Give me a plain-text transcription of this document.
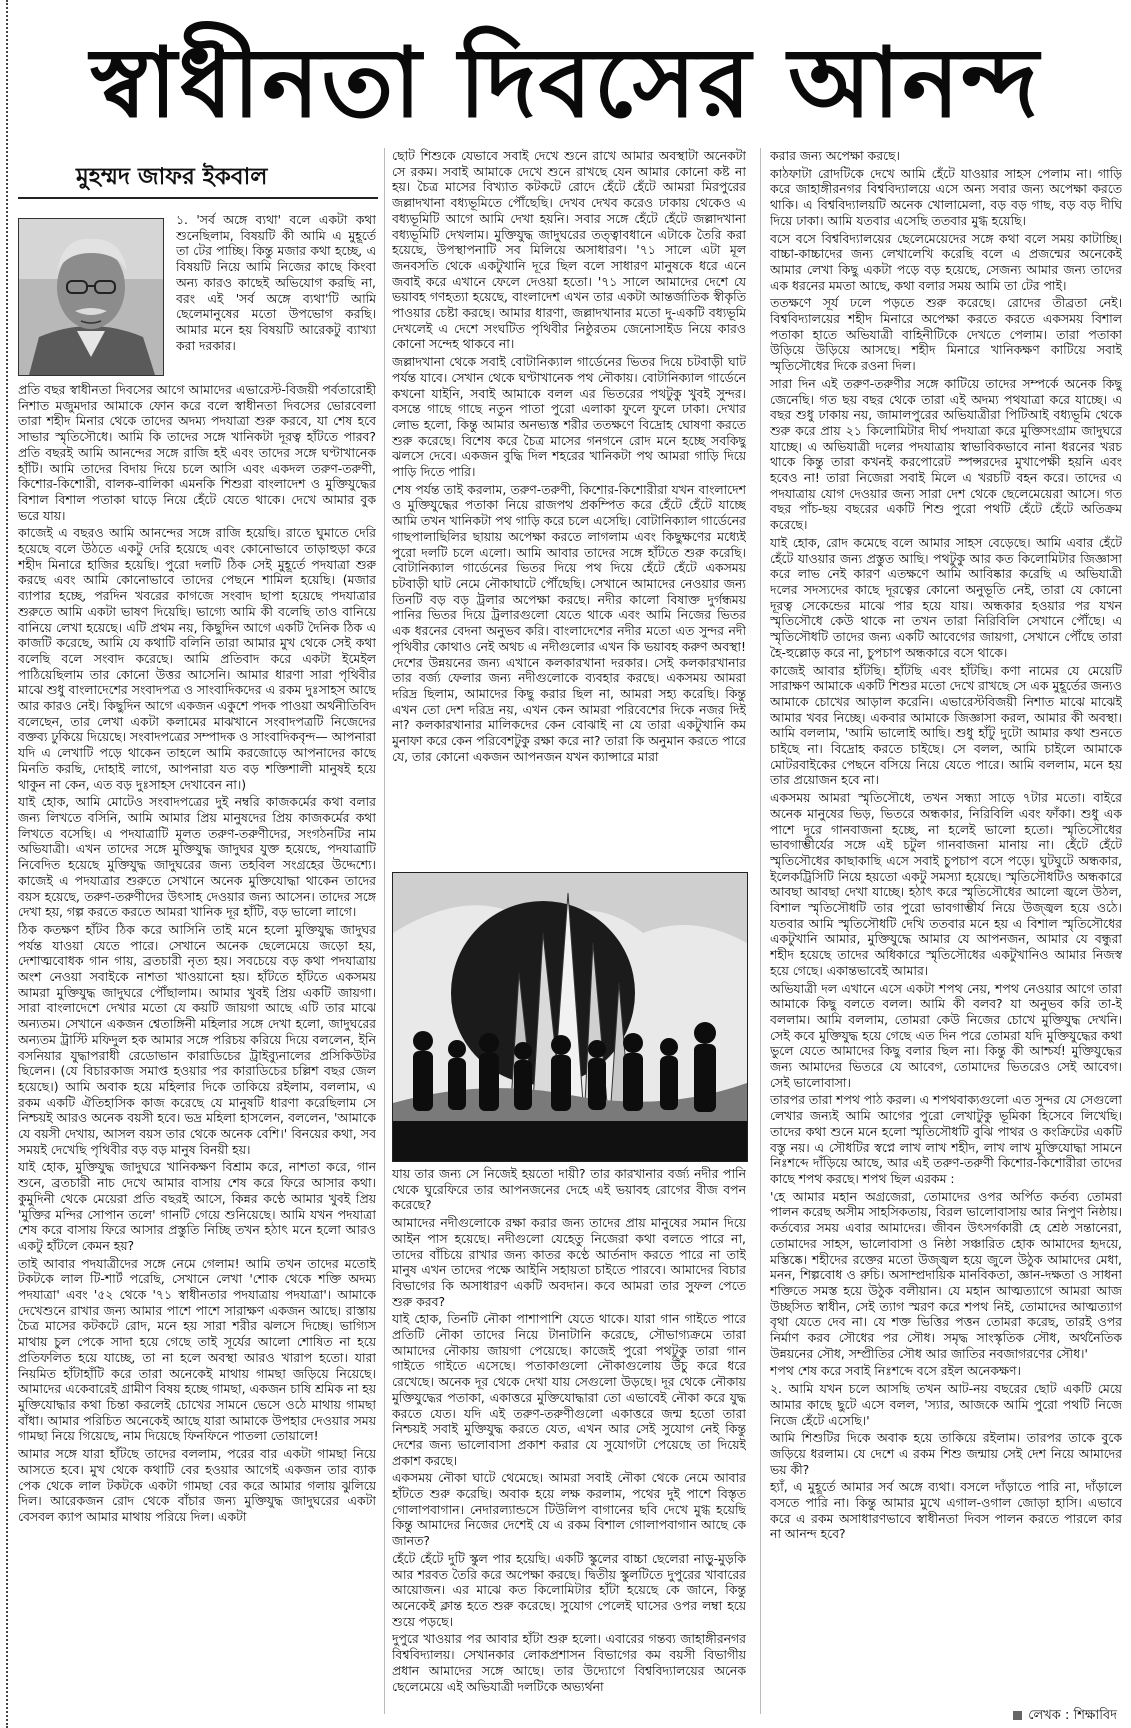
স্বাধীনতা দিবসের আনন্দ
মুহম্মদ জাফর ইকবাল

১. 'সর্ব অঙ্গে ব্যথা' বলে একটা কথা শুনেছিলাম, বিষয়টি কী আমি এ মুহূর্তে তা টের পাচ্ছি। কিন্তু মজার কথা হচ্ছে, এ বিষয়টি নিয়ে আমি নিজের কাছে কিংবা অন্য কারও কাছেই অভিযোগ করছি না, বরং এই 'সর্ব অঙ্গে ব্যথা'টি আমি ছেলেমানুষের মতো উপভোগ করছি। আমার মনে হয় বিষয়টি আরেকটু ব্যাখ্যা করা দরকার।

প্রতি বছর স্বাধীনতা দিবসের আগে আমাদের এভারেস্ট-বিজয়ী পর্বতারোহী নিশাত মজুমদার আমাকে ফোন করে বলে স্বাধীনতা দিবসের ভোরবেলা তারা শহীদ মিনার থেকে তাদের অদম্য পদযাত্রা শুরু করবে, যা শেষ হবে সাভার স্মৃতিসৌধে। আমি কি তাদের সঙ্গে খানিকটা দূরত্ব হাঁটতে পারব? প্রতি বছরই আমি আনন্দের সঙ্গে রাজি হই এবং তাদের সঙ্গে ঘণ্টাখানেক হাঁটি। আমি তাদের বিদায় দিয়ে চলে আসি এবং একদল তরুণ-তরুণী, কিশোর-কিশোরী, বালক-বালিকা এমনকি শিশুরা বাংলাদেশ ও মুক্তিযুদ্ধের বিশাল বিশাল পতাকা ঘাড়ে নিয়ে হেঁটে যেতে থাকে। দেখে আমার বুক ভরে যায়।

কাজেই এ বছরও আমি আনন্দের সঙ্গে রাজি হয়েছি। রাতে ঘুমাতে দেরি হয়েছে বলে উঠতে একটু দেরি হয়েছে এবং কোনোভাবে তাড়াহুড়া করে শহীদ মিনারে হাজির হয়েছি। পুরো দলটি ঠিক সেই মুহূর্তে পদযাত্রা শুরু করছে এবং আমি কোনোভাবে তাদের পেছনে শামিল হয়েছি। (মজার ব্যাপার হচ্ছে, পরদিন খবরের কাগজে সংবাদ ছাপা হয়েছে পদযাত্রার শুরুতে আমি একটা ভাষণ দিয়েছি। ভাগ্যে আমি কী বলেছি তাও বানিয়ে বানিয়ে লেখা হয়েছে। এটি প্রথম নয়, কিছুদিন আগে একটি দৈনিক ঠিক এ কাজটি করেছে, আমি যে কথাটি বলিনি তারা আমার মুখ থেকে সেই কথা বলেছি বলে সংবাদ করেছে। আমি প্রতিবাদ করে একটা ইমেইল পাঠিয়েছিলাম তার কোনো উত্তর আসেনি। আমার ধারণা সারা পৃথিবীর মাঝে শুধু বাংলাদেশের সংবাদপত্র ও সাংবাদিকদের এ রকম দুঃসাহস আছে আর কারও নেই। কিছুদিন আগে একজন একুশে পদক পাওয়া অর্থনীতিবিদ বলেছেন, তার লেখা একটা কলামের মাঝখানে সংবাদপত্রটি নিজেদের বক্তব্য ঢুকিয়ে দিয়েছে। সংবাদপত্রের সম্পাদক ও সাংবাদিকবৃন্দ— আপনারা যদি এ লেখাটি পড়ে থাকেন তাহলে আমি করজোড়ে আপনাদের কাছে মিনতি করছি, দোহাই লাগে, আপনারা যত বড় শক্তিশালী মানুষই হয়ে থাকুন না কেন, এত বড় দুঃসাহস দেখাবেন না।)

যাই হোক, আমি মোটেও সংবাদপত্রের দুই নম্বরি কাজকর্মের কথা বলার জন্য লিখতে বসিনি, আমি আমার প্রিয় মানুষদের প্রিয় কাজকর্মের কথা লিখতে বসেছি। এ পদযাত্রাটি মূলত তরুণ-তরুণীদের, সংগঠনটির নাম অভিযাত্রী। এখন তাদের সঙ্গে মুক্তিযুদ্ধ জাদুঘর যুক্ত হয়েছে, পদযাত্রাটি নিবেদিত হয়েছে মুক্তিযুদ্ধ জাদুঘরের জন্য তহবিল সংগ্রহের উদ্দেশ্যে। কাজেই এ পদযাত্রার শুরুতে সেখানে অনেক মুক্তিযোদ্ধা থাকেন তাদের বয়স হয়েছে, তরুণ-তরুণীদের উৎসাহ দেওয়ার জন্য আসেন। তাদের সঙ্গে দেখা হয়, গল্প করতে করতে আমরা খানিক দূর হাঁটি, বড় ভালো লাগে।

ঠিক কতক্ষণ হাঁটব ঠিক করে আসিনি তাই মনে হলো মুক্তিযুদ্ধ জাদুঘর পর্যন্ত যাওয়া যেতে পারে। সেখানে অনেক ছেলেমেয়ে জড়ো হয়, দেশাত্মবোধক গান গায়, ব্রতচারী নৃত্য হয়। সবচেয়ে বড় কথা পদযাত্রায় অংশ নেওয়া সবাইকে নাশতা খাওয়ানো হয়। হাঁটতে হাঁটতে একসময় আমরা মুক্তিযুদ্ধ জাদুঘরে পৌঁছালাম। আমার খুবই প্রিয় একটি জায়গা। সারা বাংলাদেশে দেখার মতো যে কয়টি জায়গা আছে এটি তার মাঝে অন্যতম। সেখানে একজন শ্বেতাঙ্গিনী মহিলার সঙ্গে দেখা হলো, জাদুঘরের অন্যতম ট্রাস্টি মফিদুল হক আমার সঙ্গে পরিচয় করিয়ে দিয়ে বললেন, ইনি বসনিয়ার যুদ্ধাপরাধী রেডোভান কারাডিচের ট্রাইব্যুনালের প্রসিকিউটর ছিলেন। (যে বিচারকাজ সমাপ্ত হওয়ার পর কারাডিচের চল্লিশ বছর জেল হয়েছে।) আমি অবাক হয়ে মহিলার দিকে তাকিয়ে রইলাম, বললাম, এ রকম একটি ঐতিহাসিক কাজ করেছে যে মানুষটি ধারণা করেছিলাম সে নিশ্চয়ই আরও অনেক বয়সী হবে। ভদ্র মহিলা হাসলেন, বললেন, 'আমাকে যে বয়সী দেখায়, আসল বয়স তার থেকে অনেক বেশি।' বিনয়ের কথা, সব সময়ই দেখেছি পৃথিবীর বড় বড় মানুষ বিনয়ী হয়।

যাই হোক, মুক্তিযুদ্ধ জাদুঘরে খানিকক্ষণ বিশ্রাম করে, নাশতা করে, গান শুনে, ব্রতচারী নাচ দেখে আমার বাসায় শেষ করে ফিরে আসার কথা। কুমুদিনী থেকে মেয়েরা প্রতি বছরই আসে, কিন্নর কণ্ঠে আমার খুবই প্রিয় 'মুক্তির মন্দির সোপান তলে' গানটি গেয়ে শুনিয়েছে। আমি যখন পদযাত্রা শেষ করে বাসায় ফিরে আসার প্রস্তুতি নিচ্ছি তখন হঠাৎ মনে হলো আরও একটু হাঁটলে কেমন হয়?

তাই আবার পদযাত্রীদের সঙ্গে নেমে গেলাম! আমি তখন তাদের মতোই টকটকে লাল টি-শার্ট পরেছি, সেখানে লেখা 'শোক থেকে শক্তি অদম্য পদযাত্রা' এবং '৫২ থেকে '৭১ স্বাধীনতার পদযাত্রায় পদযাত্রা'। আমাকে দেখেশুনে রাখার জন্য আমার পাশে পাশে সারাক্ষণ একজন আছে। রাস্তায় চৈত্র মাসের কটকটে রোদ, মনে হয় সারা শরীর ঝলসে দিচ্ছে। ভাগ্যিস মাথায় চুল পেকে সাদা হয়ে গেছে তাই সূর্যের আলো শোষিত না হয়ে প্রতিফলিত হয়ে যাচ্ছে, তা না হলে অবস্থা আরও খারাপ হতো। যারা নিয়মিত হাঁটাহাঁটি করে তারা অনেকেই মাথায় গামছা জড়িয়ে নিয়েছে। আমাদের একেবারেই গ্রামীণ বিষয় হচ্ছে গামছা, একজন চাষি শ্রমিক না হয় মুক্তিযোদ্ধার কথা চিন্তা করলেই চোখের সামনে ভেসে ওঠে মাথায় গামছা বাঁধা। আমার পরিচিত অনেকেই আছে যারা আমাকে উপহার দেওয়ার সময় গামছা নিয়ে গিয়েছে, নাম দিয়েছে ফিনফিনে পাতলা তোয়ালে!

আমার সঙ্গে যারা হাঁটছে তাদের বললাম, পরের বার একটা গামছা নিয়ে আসতে হবে। মুখ থেকে কথাটি বের হওয়ার আগেই একজন তার ব্যাক পেক থেকে লাল টকটকে একটা গামছা বের করে আমার গলায় ঝুলিয়ে দিল। আরেকজন রোদ থেকে বাঁচার জন্য মুক্তিযুদ্ধ জাদুঘরের একটা বেসবল ক্যাপ আমার মাথায় পরিয়ে দিল। একটা

ছোট শিশুকে যেভাবে সবাই দেখে শুনে রাখে আমার অবস্থাটা অনেকটা সে রকম। সবাই আমাকে দেখে শুনে রাখছে যেন আমার কোনো কষ্ট না হয়। চৈত্র মাসের বিখ্যাত কটকটে রোদে হেঁটে হেঁটে আমরা মিরপুরের জল্লাদখানা বধ্যভূমিতে পৌঁছেছি। দেখব দেখব করেও ঢাকায় থেকেও এ বধ্যভূমিটি আগে আমি দেখা হয়নি। সবার সঙ্গে হেঁটে হেঁটে জল্লাদখানা বধ্যভূমিটি দেখলাম। মুক্তিযুদ্ধ জাদুঘরের তত্ত্বাবধানে এটাকে তৈরি করা হয়েছে, উপস্থাপনাটি সব মিলিয়ে অসাধারণ। '৭১ সালে এটা মূল জনবসতি থেকে একটুখানি দূরে ছিল বলে সাধারণ মানুষকে ধরে এনে জবাই করে এখানে ফেলে দেওয়া হতো। '৭১ সালে আমাদের দেশে যে ভয়াবহ গণহত্যা হয়েছে, বাংলাদেশ এখন তার একটা আন্তর্জাতিক স্বীকৃতি পাওয়ার চেষ্টা করছে। আমার ধারণা, জল্লাদখানার মতো দু-একটি বধ্যভূমি দেখলেই এ দেশে সংঘটিত পৃথিবীর নিষ্ঠুরতম জেনোসাইড নিয়ে কারও কোনো সন্দেহ থাকবে না।

জল্লাদখানা থেকে সবাই বোটানিক্যাল গার্ডেনের ভিতর দিয়ে চটবাড়ী ঘাট পর্যন্ত যাবে। সেখান থেকে ঘণ্টাখানেক পথ নৌকায়। বোটানিক্যাল গার্ডেনে কখনো যাইনি, সবাই আমাকে বলল এর ভিতরের পথটুকু খুবই সুন্দর। বসন্তে গাছে গাছে নতুন পাতা পুরো এলাকা ফুলে ফুলে ঢাকা। দেখার লোভ হলো, কিন্তু আমার অনভ্যস্ত শরীর ততক্ষণে বিদ্রোহ ঘোষণা করতে শুরু করেছে। বিশেষ করে চৈত্র মাসের গনগনে রোদ মনে হচ্ছে সবকিছু ঝলসে দেবে। একজন বুদ্ধি দিল শহরের খানিকটা পথ আমরা গাড়ি দিয়ে পাড়ি দিতে পারি।

শেষ পর্যন্ত তাই করলাম, তরুণ-তরুণী, কিশোর-কিশোরীরা যখন বাংলাদেশ ও মুক্তিযুদ্ধের পতাকা নিয়ে রাজপথ প্রকম্পিত করে হেঁটে হেঁটে যাচ্ছে আমি তখন খানিকটা পথ গাড়ি করে চলে এসেছি। বোটানিক্যাল গার্ডেনের গাছপালাছিলির ছায়ায় অপেক্ষা করতে লাগলাম এবং কিছুক্ষণের মধ্যেই পুরো দলটি চলে এলো। আমি আবার তাদের সঙ্গে হাঁটতে শুরু করেছি। বোটানিক্যাল গার্ডেনের ভিতর দিয়ে পথ দিয়ে হেঁটে হেঁটে একসময় চটবাড়ী ঘাট নেমে নৌকাঘাটে পৌঁছেছি। সেখানে আমাদের নেওয়ার জন্য তিনটি বড় বড় ট্রলার অপেক্ষা করছে। নদীর কালো বিষাক্ত দুর্গন্ধময় পানির ভিতর দিয়ে ট্রলারগুলো যেতে থাকে এবং আমি নিজের ভিতর এক ধরনের বেদনা অনুভব করি। বাংলাদেশের নদীর মতো এত সুন্দর নদী পৃথিবীর কোথাও নেই অথচ এ নদীগুলোর এখন কি ভয়াবহ করুণ অবস্থা! দেশের উন্নয়নের জন্য এখানে কলকারখানা দরকার। সেই কলকারখানার তার বর্জ্য ফেলার জন্য নদীগুলোকে ব্যবহার করছে। একসময় আমরা দরিদ্র ছিলাম, আমাদের কিছু করার ছিল না, আমরা সহ্য করেছি। কিন্তু এখন তো দেশ দরিদ্র নয়, এখন কেন আমরা পরিবেশের দিকে নজর দিই না? কলকারখানার মালিকদের কেন বোঝাই না যে তারা একটুখানি কম মুনাফা করে কেন পরিবেশটুকু রক্ষা করে না? তারা কি অনুমান করতে পারে যে, তার কোনো একজন আপনজন যখন ক্যান্সারে মারা

যায় তার জন্য সে নিজেই হয়তো দায়ী? তার কারখানার বর্জ্য নদীর পানি থেকে ঘুরেফিরে তার আপনজনের দেহে এই ভয়াবহ রোগের বীজ বপন করেছে?

আমাদের নদীগুলোকে রক্ষা করার জন্য তাদের প্রায় মানুষের সমান দিয়ে আইন পাস হয়েছে। নদীগুলো যেহেতু নিজেরা কথা বলতে পারে না, তাদের বাঁচিয়ে রাখার জন্য কাতর কণ্ঠে আর্তনাদ করতে পারে না তাই মানুষ এখন তাদের পক্ষে আইনি সহায়তা চাইতে পারবে। আমাদের বিচার বিভাগের কি অসাধারণ একটি অবদান। কবে আমরা তার সুফল পেতে শুরু করব?

যাই হোক, তিনটি নৌকা পাশাপাশি যেতে থাকে। যারা গান গাইতে পারে প্রতিটি নৌকা তাদের নিয়ে টানাটানি করেছে, সৌভাগ্যক্রমে তারা আমাদের নৌকায় জায়গা পেয়েছে। কাজেই পুরো পথটুকু তারা গান গাইতে গাইতে এসেছে। পতাকাগুলো নৌকাগুলোয় উঁচু করে ধরে রেখেছে। অনেক দূর থেকে দেখা যায় সেগুলো উড়ছে। দূর থেকে নৌকায় মুক্তিযুদ্ধের পতাকা, একাত্তরে মুক্তিযোদ্ধারা তো এভাবেই নৌকা করে যুদ্ধ করতে যেত। যদি এই তরুণ-তরুণীগুলো একাত্তরে জন্ম হতো তারা নিশ্চয়ই সবাই মুক্তিযুদ্ধ করতে যেত, এখন আর সেই সুযোগ নেই কিন্তু দেশের জন্য ভালোবাসা প্রকাশ করার যে সুযোগটা পেয়েছে তা দিয়েই প্রকাশ করছে।

একসময় নৌকা ঘাটে থেমেছে। আমরা সবাই নৌকা থেকে নেমে আবার হাঁটতে শুরু করেছি। অবাক হয়ে লক্ষ করলাম, পথের দুই পাশে বিস্তৃত গোলাপবাগান। নেদারল্যান্ডসে টিউলিপ বাগানের ছবি দেখে মুগ্ধ হয়েছি কিন্তু আমাদের নিজের দেশেই যে এ রকম বিশাল গোলাপবাগান আছে কে জানত?

হেঁটে হেঁটে দুটি স্কুল পার হয়েছি। একটি স্কুলের বাচ্চা ছেলেরা নাড়ু-মুড়কি আর শরবত তৈরি করে অপেক্ষা করছে। দ্বিতীয় স্কুলটিতে দুপুরের খাবারের আয়োজন। এর মাঝে কত কিলোমিটার হাঁটা হয়েছে কে জানে, কিন্তু অনেকেই ক্লান্ত হতে শুরু করেছে। সুযোগ পেলেই ঘাসের ওপর লম্বা হয়ে শুয়ে পড়ছে।

দুপুরে খাওয়ার পর আবার হাঁটা শুরু হলো। এবারের গন্তব্য জাহাঙ্গীরনগর বিশ্ববিদ্যালয়। সেখানকার লোকপ্রশাসন বিভাগের কম বয়সী বিভাগীয় প্রধান আমাদের সঙ্গে আছে। তার উদ্যোগে বিশ্ববিদ্যালয়ের অনেক ছেলেমেয়ে এই অভিযাত্রী দলটিকে অভ্যর্থনা

করার জন্য অপেক্ষা করছে।

কাঠফাটা রোদটিকে দেখে আমি হেঁটে যাওয়ার সাহস পেলাম না। গাড়ি করে জাহাঙ্গীরনগর বিশ্ববিদ্যালয়ে এসে অন্য সবার জন্য অপেক্ষা করতে থাকি। এ বিশ্ববিদ্যালয়টি অনেক খোলামেলা, বড় বড় গাছ, বড় বড় দীঘি দিয়ে ঢাকা। আমি যতবার এসেছি ততবার মুগ্ধ হয়েছি।

বসে বসে বিশ্ববিদ্যালয়ের ছেলেমেয়েদের সঙ্গে কথা বলে সময় কাটাচ্ছি। বাচ্চা-কাচ্চাদের জন্য লেখালেখি করেছি বলে এ প্রজন্মের অনেকেই আমার লেখা কিছু একটা পড়ে বড় হয়েছে, সেজন্য আমার জন্য তাদের এক ধরনের মমতা আছে, কথা বলার সময় আমি তা টের পাই।

ততক্ষণে সূর্য ঢলে পড়তে শুরু করেছে। রোদের তীব্রতা নেই। বিশ্ববিদ্যালয়ের শহীদ মিনারে অপেক্ষা করতে করতে একসময় বিশাল পতাকা হাতে অভিযাত্রী বাহিনীটিকে দেখতে পেলাম। তারা পতাকা উড়িয়ে উড়িয়ে আসছে। শহীদ মিনারে খানিকক্ষণ কাটিয়ে সবাই স্মৃতিসৌধের দিকে রওনা দিল।

সারা দিন এই তরুণ-তরুণীর সঙ্গে কাটিয়ে তাদের সম্পর্কে অনেক কিছু জেনেছি। গত ছয় বছর থেকে তারা এই অদম্য পথযাত্রা করে যাচ্ছে। এ বছর শুধু ঢাকায় নয়, জামালপুরের অভিযাত্রীরা পিটিআই বধ্যভূমি থেকে শুরু করে প্রায় ২১ কিলোমিটার দীর্ঘ পদযাত্রা করে মুক্তিসংগ্রাম জাদুঘরে যাচ্ছে। এ অভিযাত্রী দলের পদযাত্রায় স্বাভাবিকভাবে নানা ধরনের খরচ থাকে কিন্তু তারা কখনই করপোরেট স্পন্সরদের মুখাপেক্ষী হয়নি এবং হবেও না! তারা নিজেরা সবাই মিলে এ খরচটি বহন করে। তাদের এ পদযাত্রায় যোগ দেওয়ার জন্য সারা দেশ থেকে ছেলেমেয়েরা আসে। গত বছর পাঁচ-ছয় বছরের একটি শিশু পুরো পথটি হেঁটে হেঁটে অতিক্রম করেছে।

যাই হোক, রোদ কমেছে বলে আমার সাহস বেড়েছে। আমি এবার হেঁটে হেঁটে যাওয়ার জন্য প্রস্তুত আছি। পথটুকু আর কত কিলোমিটার জিজ্ঞাসা করে লাভ নেই কারণ এতক্ষণে আমি আবিষ্কার করেছি এ অভিযাত্রী দলের সদস্যদের কাছে দূরত্বের কোনো অনুভূতি নেই, তারা যে কোনো দূরত্ব সেকেন্ডের মাঝে পার হয়ে যায়। অন্ধকার হওয়ার পর যখন স্মৃতিসৌধে কেউ থাকে না তখন তারা নিরিবিলি সেখানে পৌঁছে। এ স্মৃতিসৌধটি তাদের জন্য একটি আবেগের জায়গা, সেখানে পৌঁছে তারা হৈ-হুল্লোড় করে না, চুপচাপ অন্ধকারে বসে থাকে।

কাজেই আবার হাঁটছি। হাঁটছি এবং হাঁটছি। কণা নামের যে মেয়েটি সারাক্ষণ আমাকে একটি শিশুর মতো দেখে রাখছে সে এক মুহূর্তের জন্যও আমাকে চোখের আড়াল করেনি। এভারেস্টবিজয়ী নিশাত মাঝে মাঝেই আমার খবর নিচ্ছে। একবার আমাকে জিজ্ঞাসা করল, আমার কী অবস্থা। আমি বললাম, 'আমি ভালোই আছি। শুধু হাঁটু দুটো আমার কথা শুনতে চাইছে না। বিদ্রোহ করতে চাইছে। সে বলল, আমি চাইলে আমাকে মোটরবাইকের পেছনে বসিয়ে নিয়ে যেতে পারে। আমি বললাম, মনে হয় তার প্রয়োজন হবে না।

একসময় আমরা স্মৃতিসৌধে, তখন সন্ধ্যা সাড়ে ৭টার মতো। বাইরে অনেক মানুষের ভিড়, ভিতরে অন্ধকার, নিরিবিলি এবং ফাঁকা। শুধু এক পাশে দূরে গানবাজনা হচ্ছে, না হলেই ভালো হতো। স্মৃতিসৌধের ভাবগাম্ভীর্যের সঙ্গে এই চটুল গানবাজনা মানায় না। হেঁটে হেঁটে স্মৃতিসৌধের কাছাকাছি এসে সবাই চুপচাপ বসে পড়ে। ঘুটঘুটে অন্ধকার, ইলেকট্রিসিটি নিয়ে হয়তো একটু সমস্যা হয়েছে। স্মৃতিসৌধটিও অন্ধকারে আবছা আবছা দেখা যাচ্ছে। হঠাৎ করে স্মৃতিসৌধের আলো জ্বলে উঠল, বিশাল স্মৃতিসৌধটি তার পুরো ভাবগাম্ভীর্য নিয়ে উজ্জ্বল হয়ে ওঠে। যতবার আমি স্মৃতিসৌধটি দেখি ততবার মনে হয় এ বিশাল স্মৃতিসৌধের একটুখানি আমার, মুক্তিযুদ্ধে আমার যে আপনজন, আমার যে বন্ধুরা শহীদ হয়েছে তাদের অধিকারে স্মৃতিসৌধের একটুখানিও আমার নিজস্ব হয়ে গেছে। একান্তভাবেই আমার।

অভিযাত্রী দল এখানে এসে একটা শপথ নেয়, শপথ নেওয়ার আগে তারা আমাকে কিছু বলতে বলল। আমি কী বলব? যা অনুভব করি তা-ই বললাম। আমি বললাম, তোমরা কেউ নিজের চোখে মুক্তিযুদ্ধ দেখনি। সেই কবে মুক্তিযুদ্ধ হয়ে গেছে এত দিন পরে তোমরা যদি মুক্তিযুদ্ধের কথা ভুলে যেতে আমাদের কিছু বলার ছিল না। কিন্তু কী আশ্চর্য! মুক্তিযুদ্ধের জন্য আমাদের ভিতরে যে আবেগ, তোমাদের ভিতরেও সেই আবেগ। সেই ভালোবাসা।

তারপর তারা শপথ পাঠ করল। এ শপথবাক্যগুলো এত সুন্দর যে সেগুলো লেখার জন্যই আমি আগের পুরো লেখাটুকু ভূমিকা হিসেবে লিখেছি। তাদের কথা শুনে মনে হলো স্মৃতিসৌধটি বুঝি পাথর ও কংক্রিটের একটি বস্তু নয়। এ সৌধটির স্বপ্নে লাখ লাখ শহীদ, লাখ লাখ মুক্তিযোদ্ধা সামনে নিঃশব্দে দাঁড়িয়ে আছে, আর এই তরুণ-তরুণী কিশোর-কিশোরীরা তাদের কাছে শপথ করছে। শপথ ছিল এরকম :

'হে আমার মহান অগ্রজেরা, তোমাদের ওপর অর্পিত কর্তব্য তোমরা পালন করেছ অসীম সাহসিকতায়, বিরল ভালোবাসায় আর নিপুণ নিষ্ঠায়। কর্তব্যের সময় এবার আমাদের। জীবন উৎসর্গকারী হে শ্রেষ্ঠ সন্তানেরা, তোমাদের সাহস, ভালোবাসা ও নিষ্ঠা সঞ্চারিত হোক আমাদের হৃদয়ে, মস্তিষ্কে। শহীদের রক্তের মতো উজ্জ্বল হয়ে জুলে উঠুক আমাদের মেধা, মনন, শিল্পবোধ ও রুচি। অসাম্প্রদায়িক মানবিকতা, জ্ঞান-দক্ষতা ও সাধনা শক্তিতে সমস্ত হয়ে উঠুক বলীয়ান। যে মহান আত্মত্যাগে আমরা আজ উচ্ছসিত স্বাধীন, সেই ত্যাগ স্মরণ করে শপথ নিই, তোমাদের আত্মত্যাগ বৃথা যেতে দেব না। যে শক্ত ভিত্তির পত্তন তোমরা করেছ, তারই ওপর নির্মাণ করব সৌধের পর সৌধ। সমৃদ্ধ সাংস্কৃতিক সৌধ, অর্থনৈতিক উন্নয়নের সৌধ, সম্প্রীতির সৌধ আর জাতির নবজাগরণের সৌধ।'

শপথ শেষ করে সবাই নিঃশব্দে বসে রইল অনেকক্ষণ।

২. আমি যখন চলে আসছি তখন আট-নয় বছরের ছোট একটি মেয়ে আমার কাছে ছুটে এসে বলল, 'স্যার, আজকে আমি পুরো পথটি নিজে নিজে হেঁটে এসেছি।'

আমি শিশুটির দিকে অবাক হয়ে তাকিয়ে রইলাম। তারপর তাকে বুকে জড়িয়ে ধরলাম। যে দেশে এ রকম শিশু জন্মায় সেই দেশ নিয়ে আমাদের ভয় কী?

হ্যাঁ, এ মুহূর্তে আমার সর্ব অঙ্গে ব্যথা। বসলে দাঁড়াতে পারি না, দাঁড়ালে বসতে পারি না। কিন্তু আমার মুখে এগাল-ওগাল জোড়া হাসি। এভাবে করে এ রকম অসাধারণভাবে স্বাধীনতা দিবস পালন করতে পারলে কার না আনন্দ হবে?

লেখক : শিক্ষাবিদ
